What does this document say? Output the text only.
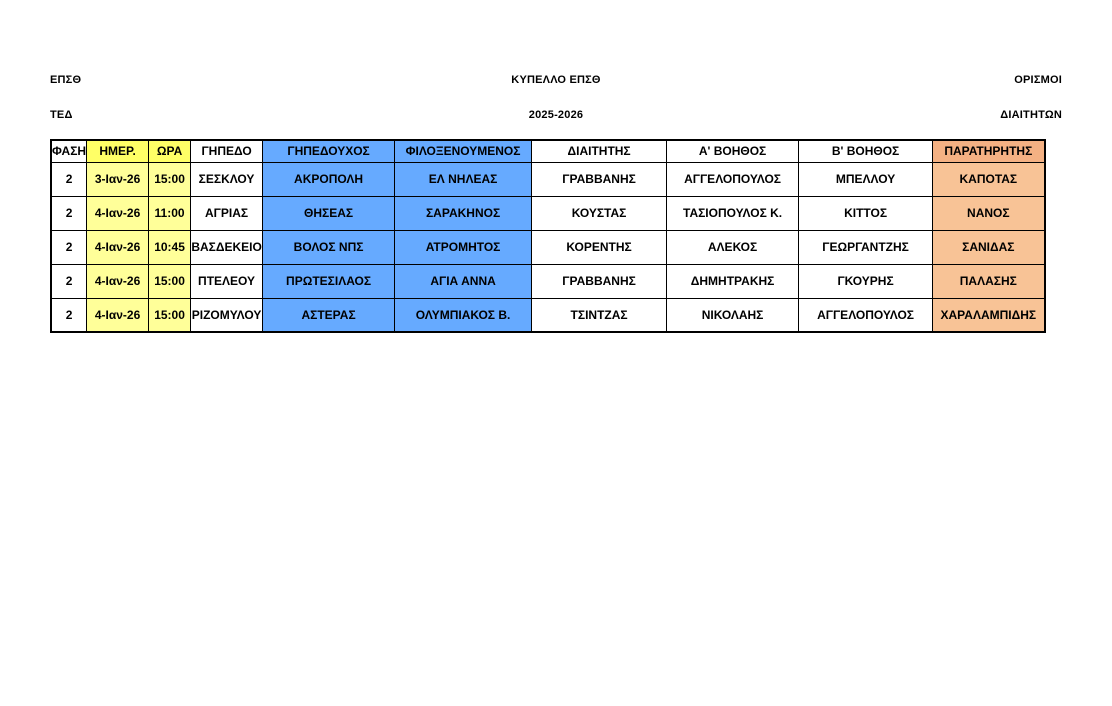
ΕΠΣΘ	ΚΥΠΕΛΛΟ ΕΠΣΘ	ΟΡΙΣΜΟΙ
ΤΕΔ	2025-2026	ΔΙΑΙΤΗΤΩΝ
ΦΑΣΗ	ΗΜΕΡ.	ΩΡΑ	ΓΗΠΕΔΟ	ΓΗΠΕΔΟΥΧΟΣ	ΦΙΛΟΞΕΝΟΥΜΕΝΟΣ	ΔΙΑΙΤΗΤΗΣ	Α' ΒΟΗΘΟΣ	Β' ΒΟΗΘΟΣ	ΠΑΡΑΤΗΡΗΤΗΣ
2	3-Ιαν-26	15:00	ΣΕΣΚΛΟΥ	ΑΚΡΟΠΟΛΗ	ΕΛ ΝΗΛΕΑΣ	ΓΡΑΒΒΑΝΗΣ	ΑΓΓΕΛΟΠΟΥΛΟΣ	ΜΠΕΛΛΟΥ	ΚΑΠΟΤΑΣ
2	4-Ιαν-26	11:00	ΑΓΡΙΑΣ	ΘΗΣΕΑΣ	ΣΑΡΑΚΗΝΟΣ	ΚΟΥΣΤΑΣ	ΤΑΣΙΟΠΟΥΛΟΣ Κ.	ΚΙΤΤΟΣ	ΝΑΝΟΣ
2	4-Ιαν-26	10:45	ΒΑΣΔΕΚΕΙΟ	ΒΟΛΟΣ ΝΠΣ	ΑΤΡΟΜΗΤΟΣ	ΚΟΡΕΝΤΗΣ	ΑΛΕΚΟΣ	ΓΕΩΡΓΑΝΤΖΗΣ	ΣΑΝΙΔΑΣ
2	4-Ιαν-26	15:00	ΠΤΕΛΕΟΥ	ΠΡΩΤΕΣΙΛΑΟΣ	ΑΓΙΑ ΑΝΝΑ	ΓΡΑΒΒΑΝΗΣ	ΔΗΜΗΤΡΑΚΗΣ	ΓΚΟΥΡΗΣ	ΠΑΛΑΣΗΣ
2	4-Ιαν-26	15:00	ΡΙΖΟΜΥΛΟΥ	ΑΣΤΕΡΑΣ	ΟΛΥΜΠΙΑΚΟΣ Β.	ΤΣΙΝΤΖΑΣ	ΝΙΚΟΛΑΗΣ	ΑΓΓΕΛΟΠΟΥΛΟΣ	ΧΑΡΑΛΑΜΠΙΔΗΣ
